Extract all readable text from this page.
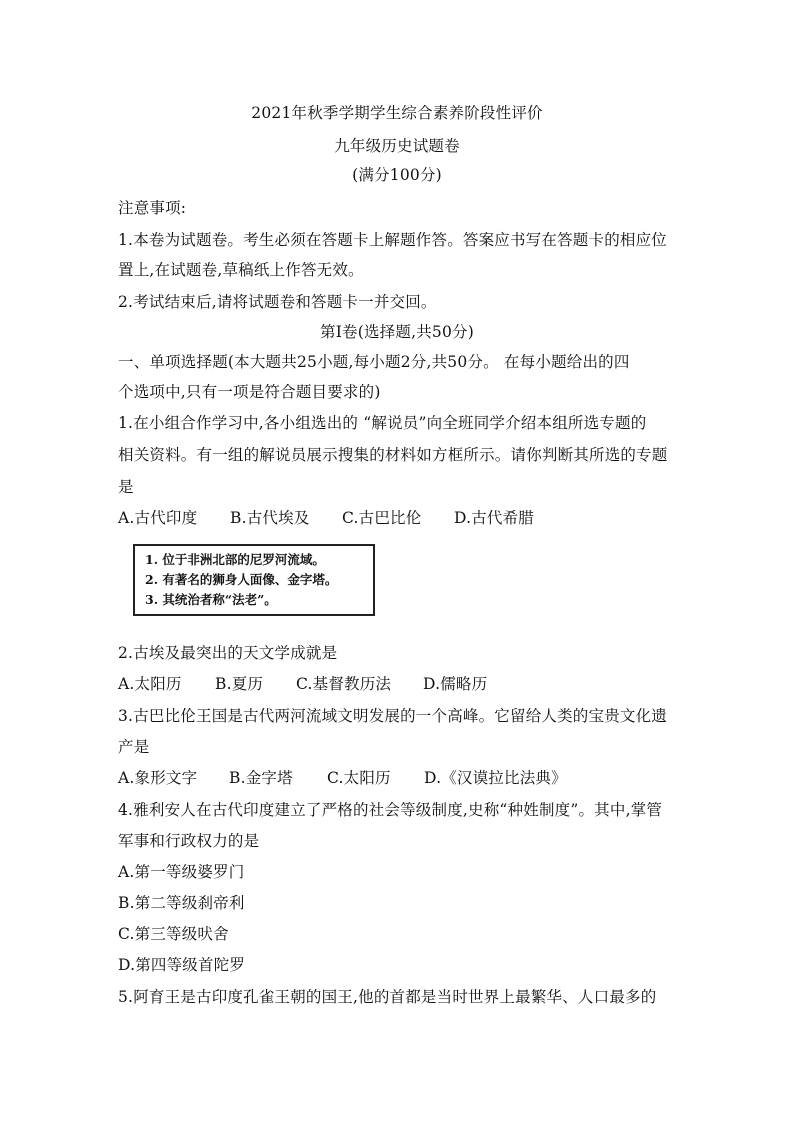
2021年秋季学期学生综合素养阶段性评价
九年级历史试题卷
(满分100分)
注意事项:
1.本卷为试题卷。考生必须在答题卡上解题作答。答案应书写在答题卡的相应位
置上,在试题卷,草稿纸上作答无效。
2.考试结束后,请将试题卷和答题卡一并交回。
第Ⅰ卷(选择题,共50分)
一、单项选择题(本大题共25小题,每小题2分,共50分。 在每小题给出的四
个选项中,只有一项是符合题目要求的)
1.在小组合作学习中,各小组选出的 “解说员”向全班同学介绍本组所选专题的
相关资料。有一组的解说员展示搜集的材料如方框所示。请你判断其所选的专题
是
A.古代印度 B.古代埃及 C.古巴比伦 D.古代希腊
1. 位于非洲北部的尼罗河流域。
2. 有著名的狮身人面像、金字塔。
3. 其统治者称“法老”。
2.古埃及最突出的天文学成就是
A.太阳历 B.夏历 C.基督教历法 D.儒略历
3.古巴比伦王国是古代两河流域文明发展的一个高峰。它留给人类的宝贵文化遗
产是
A.象形文字 B.金字塔 C.太阳历 D.《汉谟拉比法典》
4.雅利安人在古代印度建立了严格的社会等级制度,史称“种姓制度”。其中,掌管
军事和行政权力的是
A.第一等级婆罗门
B.第二等级刹帝利
C.第三等级吠舍
D.第四等级首陀罗
5.阿育王是古印度孔雀王朝的国王,他的首都是当时世界上最繁华、人口最多的
